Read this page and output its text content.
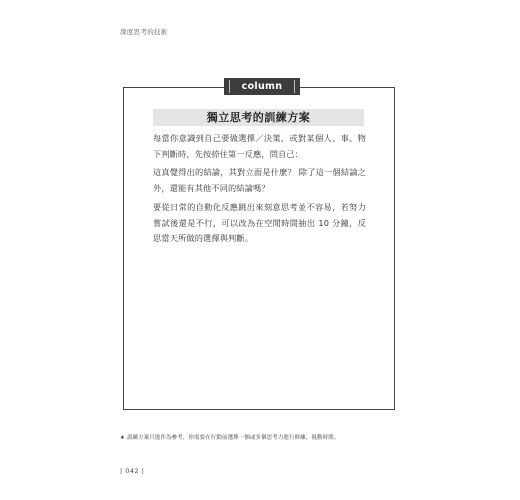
深度思考的技術
column
獨立思考的訓練方案
每當你意識到自己要做選擇／決策，或對某個人、事、物下判斷時，先按捺住第一反應，問自己：
這真覺得出的結論，其對立面是什麼？ 除了這一個結論之外，還能有其他不同的結論嗎？
要從日常的自動化反應跳出來刻意思考並不容易，若努力嘗試後還是不行，可以改為在空閒時間抽出 10 分鐘，反思當天所做的選擇與判斷。
★ 訓練方案只能作為參考，你需要在行動前選擇一個或多個思考力進行修練，視動時間。
| 042 |
